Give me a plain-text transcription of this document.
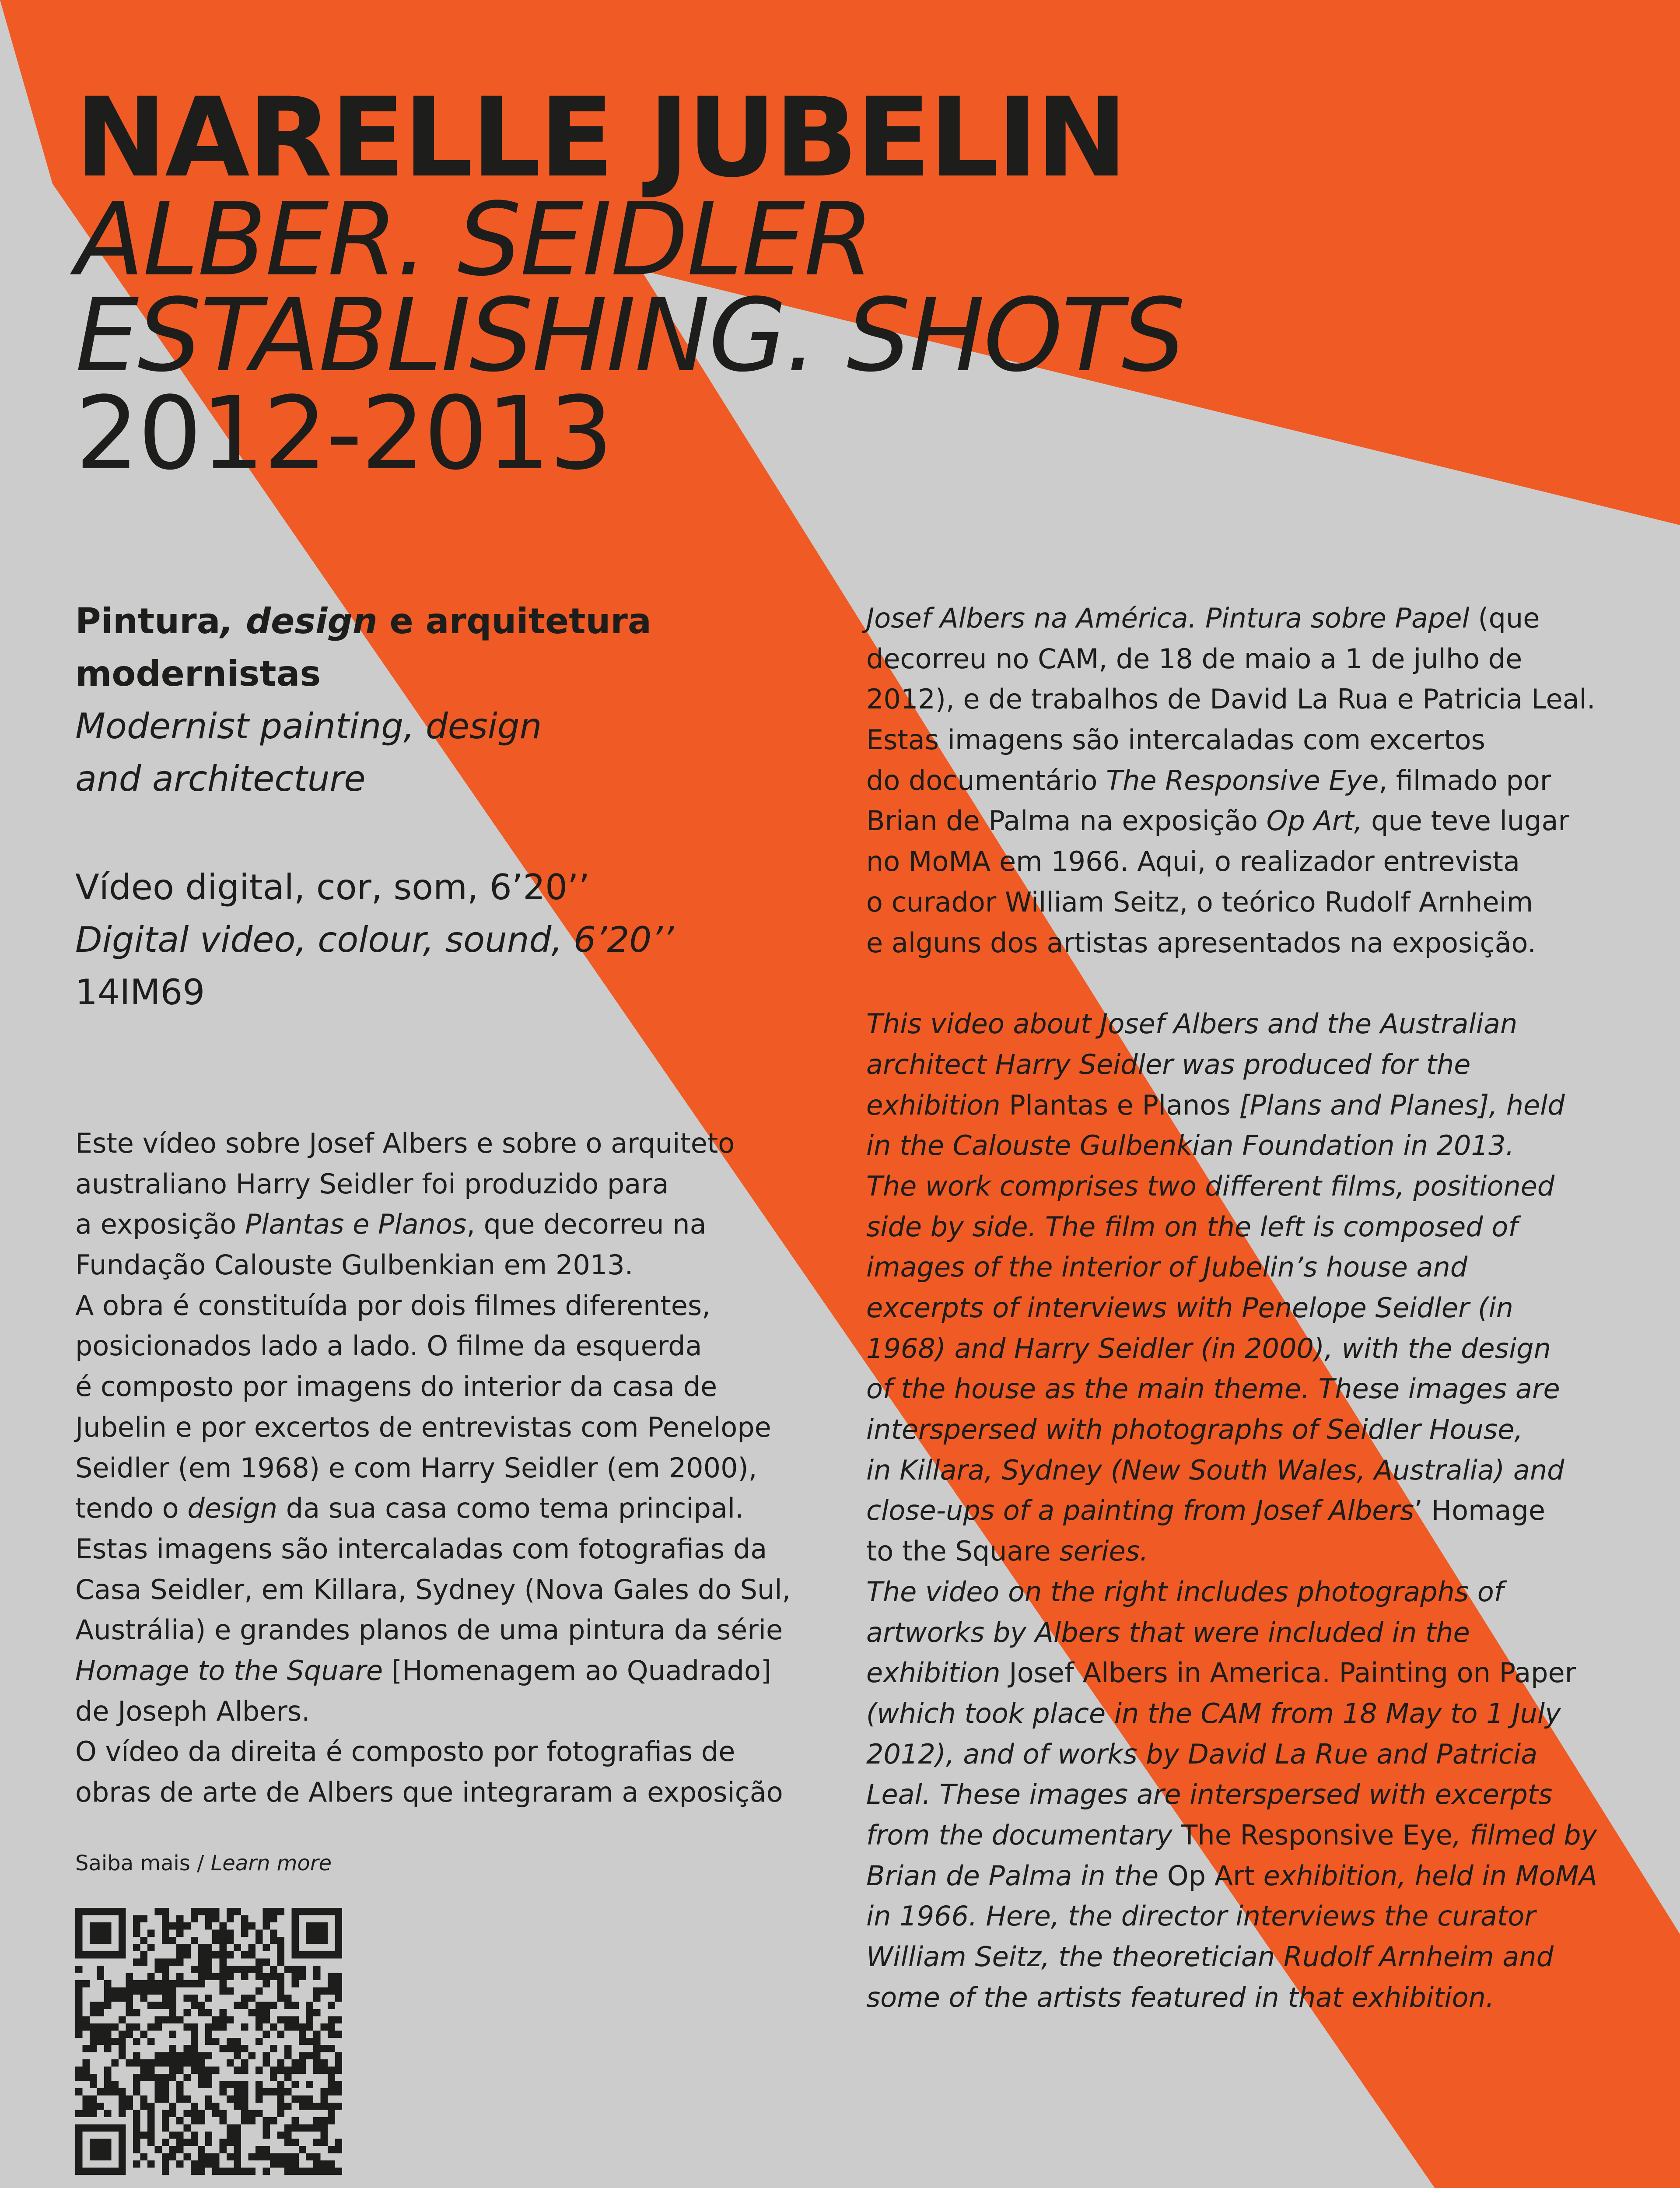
NARELLE JUBELIN

ALBER. SEIDLER

ESTABLISHING. SHOTS

2012-2013

Pintura, design e arquitetura

modernistas

Modernist painting, design

and architecture

Vídeo digital, cor, som, 6’20’’

Digital video, colour, sound, 6’20’’

14IM69

Este vídeo sobre Josef Albers e sobre o arquiteto

australiano Harry Seidler foi produzido para

a exposição Plantas e Planos, que decorreu na

Fundação Calouste Gulbenkian em 2013.

A obra é constituída por dois filmes diferentes,

posicionados lado a lado. O filme da esquerda

é composto por imagens do interior da casa de

Jubelin e por excertos de entrevistas com Penelope

Seidler (em 1968) e com Harry Seidler (em 2000),

tendo o design da sua casa como tema principal.

Estas imagens são intercaladas com fotografias da

Casa Seidler, em Killara, Sydney (Nova Gales do Sul,

Austrália) e grandes planos de uma pintura da série

Homage to the Square [Homenagem ao Quadrado]

de Joseph Albers.

O vídeo da direita é composto por fotografias de

obras de arte de Albers que integraram a exposição

Josef Albers na América. Pintura sobre Papel (que

decorreu no CAM, de 18 de maio a 1 de julho de

2012), e de trabalhos de David La Rua e Patricia Leal.

Estas imagens são intercaladas com excertos

do documentário The Responsive Eye, filmado por

Brian de Palma na exposição Op Art, que teve lugar

no MoMA em 1966. Aqui, o realizador entrevista

o curador William Seitz, o teórico Rudolf Arnheim

e alguns dos artistas apresentados na exposição.

This video about Josef Albers and the Australian

architect Harry Seidler was produced for the

exhibition Plantas e Planos [Plans and Planes], held

in the Calouste Gulbenkian Foundation in 2013.

The work comprises two different films, positioned

side by side. The film on the left is composed of

images of the interior of Jubelin’s house and

excerpts of interviews with Penelope Seidler (in

1968) and Harry Seidler (in 2000), with the design

of the house as the main theme. These images are

interspersed with photographs of Seidler House,

in Killara, Sydney (New South Wales, Australia) and

close-ups of a painting from Josef Albers’ Homage

to the Square series.

The video on the right includes photographs of

artworks by Albers that were included in the

exhibition Josef Albers in America. Painting on Paper

(which took place in the CAM from 18 May to 1 July

2012), and of works by David La Rue and Patricia

Leal. These images are interspersed with excerpts

from the documentary The Responsive Eye, filmed by

Brian de Palma in the Op Art exhibition, held in MoMA

in 1966. Here, the director interviews the curator

William Seitz, the theoretician Rudolf Arnheim and

some of the artists featured in that exhibition.

Saiba mais / Learn more
